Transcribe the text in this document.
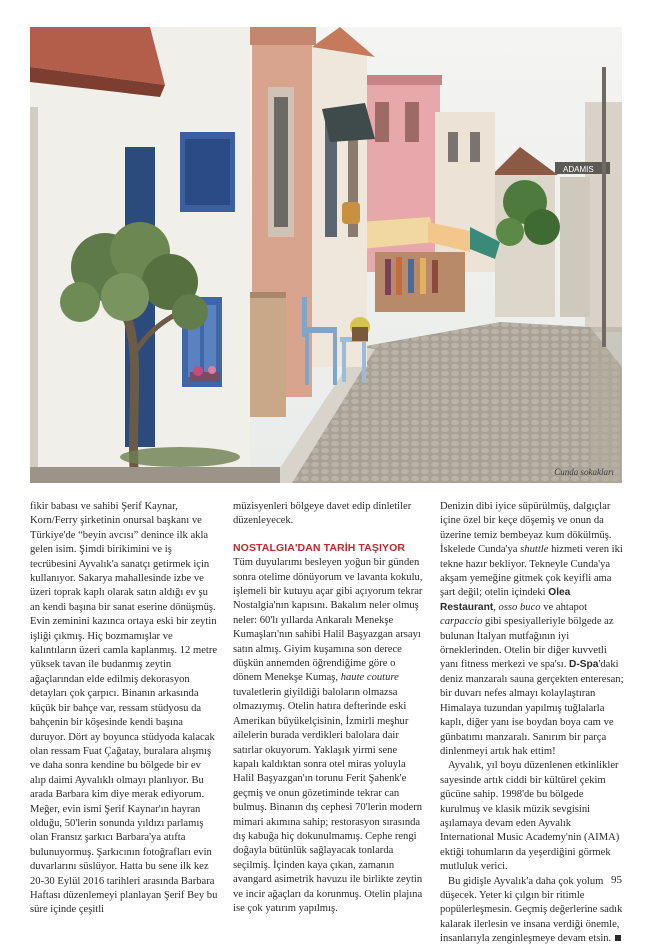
ADAMIS
Cunda sokakları

fikir babası ve sahibi Şerif Kaynar, Korn/Ferry şirketinin onursal başkanı ve Türkiye'de “beyin avcısı” denince ilk akla gelen isim. Şimdi birikimini ve iş tecrübesini Ayvalık'a sanatçı getirmek için kullanıyor. Sakarya mahallesinde izbe ve üzeri toprak kaplı olarak satın aldığı ev şu an kendi başına bir sanat eserine dönüşmüş. Evin zeminini kazınca ortaya eski bir zeytin işliği çıkmış. Hiç bozmamışlar ve kalıntıların üzeri camla kaplanmış. 12 metre yüksek tavan ile budanmış zeytin ağaçlarından elde edilmiş dekorasyon detayları çok çarpıcı. Binanın arkasında küçük bir bahçe var, ressam stüdyosu da bahçenin bir köşesinde kendi başına duruyor. Dört ay boyunca stüdyoda kalacak olan ressam Fuat Çağatay, buralara alışmış ve daha sonra kendine bu bölgede bir ev alıp daimi Ayvalıklı olmayı planlıyor. Bu arada Barbara kim diye merak ediyorum. Meğer, evin ismi Şerif Kaynar'ın hayran olduğu, 50'lerin sonunda yıldızı parlamış olan Fransız şarkıcı Barbara'ya atıfta bulunuyormuş. Şarkıcının fotoğrafları evin duvarlarını süslüyor. Hatta bu sene ilk kez 20-30 Eylül 2016 tarihleri arasında Barbara Haftası düzenlemeyi planlayan Şerif Bey bu süre içinde çeşitli

müzisyenleri bölgeye davet edip dinletiler düzenleyecek.

NOSTALGIA'DAN TARİH TAŞIYOR

Tüm duyularımı besleyen yoğun bir günden sonra otelime dönüyorum ve lavanta kokulu, işlemeli bir kutuyu açar gibi açıyorum tekrar Nostalgia'nın kapısını. Bakalım neler olmuş neler: 60'lı yıllarda Ankaralı Menekşe Kumaşları'nın sahibi Halil Başyazgan arsayı satın almış. Giyim kuşamına son derece düşkün annemden öğrendiğime göre o dönem Menekşe Kumaş, haute couture tuvaletlerin giyildiği baloların olmazsa olmazıymış. Otelin hatıra defterinde eski Amerikan büyükelçisinin, İzmirli meşhur ailelerin burada verdikleri balolara dair satırlar okuyorum. Yaklaşık yirmi sene kapalı kaldıktan sonra otel miras yoluyla Halil Başyazgan'ın torunu Ferit Şahenk'e geçmiş ve onun gözetiminde tekrar can bulmuş. Binanın dış cephesi 70'lerin modern mimari akımına sahip; restorasyon sırasında dış kabuğa hiç dokunulmamış. Cephe rengi doğayla bütünlük sağlayacak tonlarda seçilmiş. İçinden kaya çıkan, zamanın avangard asimetrik havuzu ile birlikte zeytin ve incir ağaçları da korunmuş. Otelin plajına ise çok yatırım yapılmış.

Denizin dibi iyice süpürülmüş, dalgıçlar içine özel bir keçe döşemiş ve onun da üzerine temiz bembeyaz kum dökülmüş. İskelede Cunda'ya shuttle hizmeti veren iki tekne hazır bekliyor. Tekneyle Cunda'ya akşam yemeğine gitmek çok keyifli ama şart değil; otelin içindeki Olea Restaurant, osso buco ve ahtapot carpaccio gibi spesiyalleriyle bölgede az bulunan İtalyan mutfağının iyi örneklerinden. Otelin bir diğer kuvvetli yanı fitness merkezi ve spa'sı. D-Spa'daki deniz manzaralı sauna gerçekten enteresan; bir duvarı nefes almayı kolaylaştıran Himalaya tuzundan yapılmış tuğlalarla kaplı, diğer yanı ise boydan boya cam ve günbatımı manzaralı. Sanırım bir parça dinlenmeyi artık hak ettim!

Ayvalık, yıl boyu düzenlenen etkinlikler sayesinde artık ciddi bir kültürel çekim gücüne sahip. 1998'de bu bölgede kurulmuş ve klasik müzik sevgisini aşılamaya devam eden Ayvalık International Music Academy'nin (AIMA) ektiği tohumların da yeşerdiğini görmek mutluluk verici.

Bu gidişle Ayvalık'a daha çok yolum düşecek. Yeter ki çılgın bir ritimle popülerleşmesin. Geçmiş değerlerine sadık kalarak ilerlesin ve insana verdiği önemle, insanlarıyla zenginleşmeye devam etsin.

95
